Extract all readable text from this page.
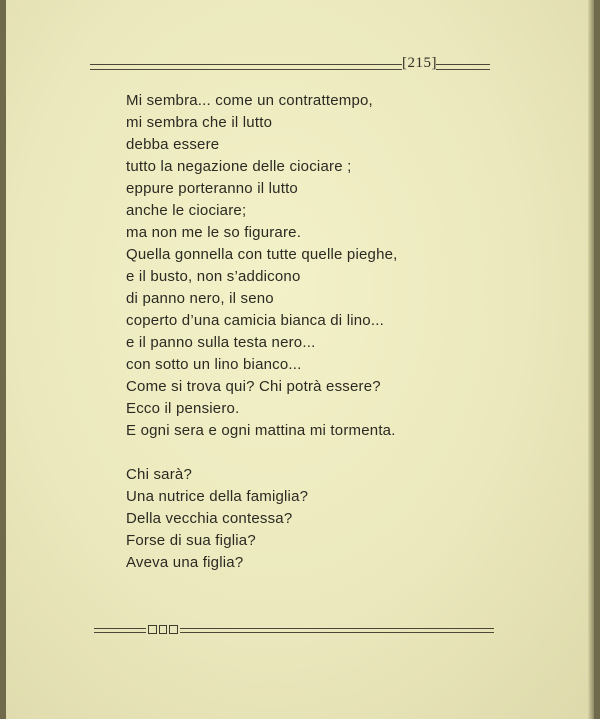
[215]
Mi sembra... come un contrattempo,
mi sembra che il lutto
debba essere
tutto la negazione delle ciociare ;
eppure porteranno il lutto
anche le ciociare;
ma non me le so figurare.
Quella gonnella con tutte quelle pieghe,
e il busto, non s’addicono
di panno nero, il seno
coperto d’una camicia bianca di lino...
e il panno sulla testa nero...
con sotto un lino bianco...
Come si trova qui? Chi potrà essere?
Ecco il pensiero.
E ogni sera e ogni mattina mi tormenta.
Chi sarà?
Una nutrice della famiglia?
Della vecchia contessa?
Forse di sua figlia?
Aveva una figlia?
